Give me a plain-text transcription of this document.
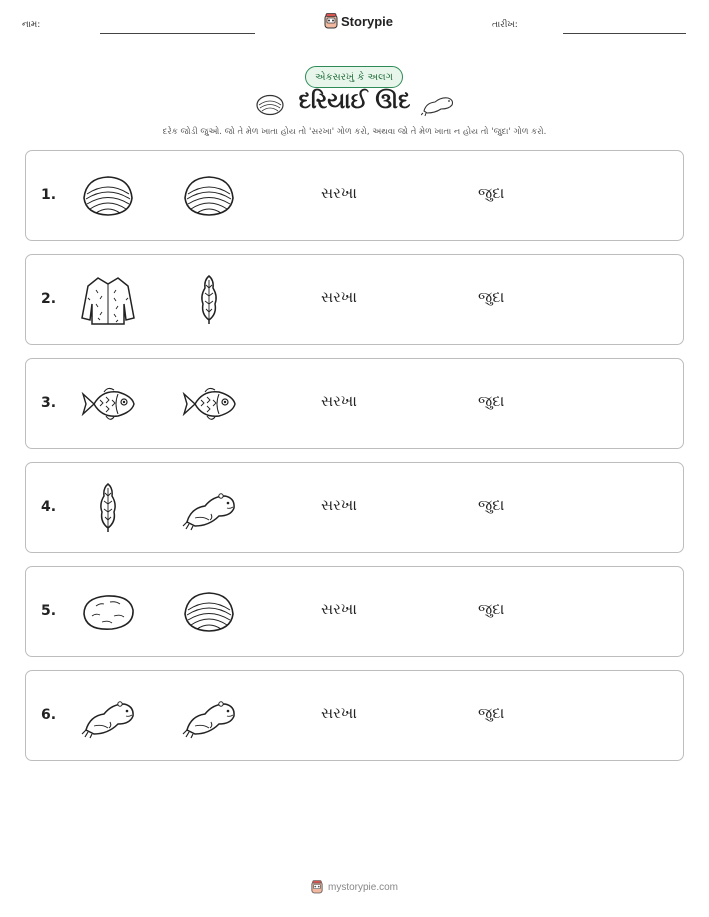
નામ:	Storypie	તારીખ:
એકસરખું કે અલગ
દરિયાઈ ઊદ
દરેક જોડી જુઓ. જો તે મેળ ખાતા હોય તો 'સરખા' ગોળ કરો, અથવા જો તે મેળ ખાતા ન હોય તો 'જુદા' ગોળ કરો.
1.	સરખા	જુદા
2.	સરખા	જુદા
3.	સરખા	જુદા
4.	સરખા	જુદા
5.	સરખા	જુદા
6.	સરખા	જુદા
mystorypie.com
